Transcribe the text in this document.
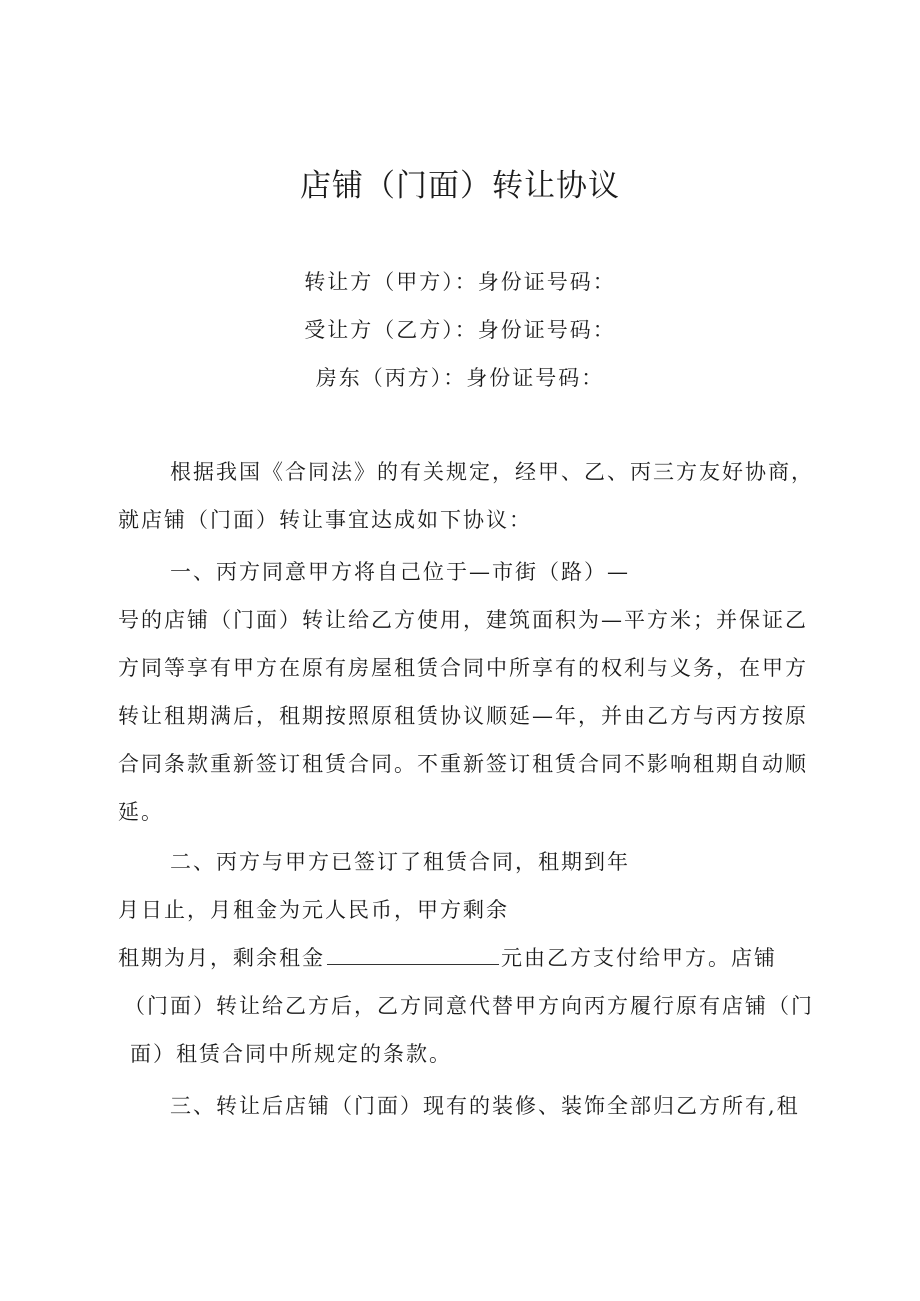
店铺（门面）转让协议
转让方（甲方）：身份证号码：
受让方（乙方）：身份证号码：
房东（丙方）：身份证号码：
根据我国《合同法》的有关规定，经甲、乙、丙三方友好协商，
就店铺（门面）转让事宜达成如下协议：
一、丙方同意甲方将自己位于—市街（路）—
号的店铺（门面）转让给乙方使用，建筑面积为—平方米；并保证乙
方同等享有甲方在原有房屋租赁合同中所享有的权利与义务，在甲方
转让租期满后，租期按照原租赁协议顺延—年，并由乙方与丙方按原
合同条款重新签订租赁合同。不重新签订租赁合同不影响租期自动顺
延。
二、丙方与甲方已签订了租赁合同，租期到年
月日止，月租金为元人民币，甲方剩余
租期为月，剩余租金	元由乙方支付给甲方。店铺
（门面）转让给乙方后，乙方同意代替甲方向丙方履行原有店铺（门
面）租赁合同中所规定的条款。
三、转让后店铺（门面）现有的装修、装饰全部归乙方所有,租
